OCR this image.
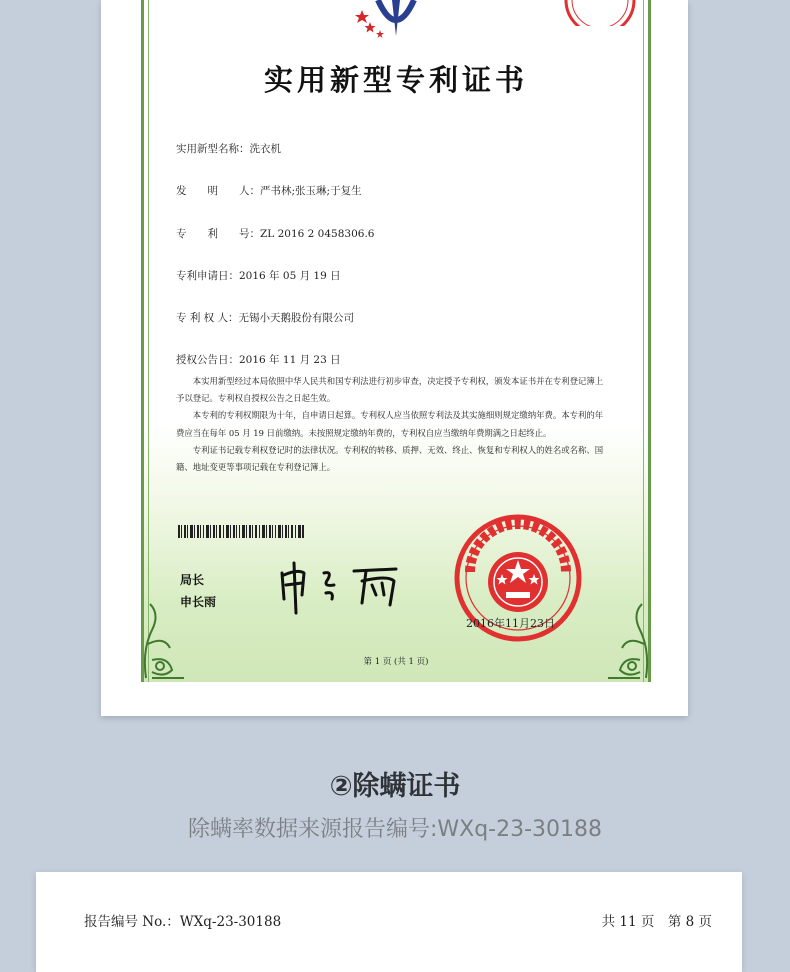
实用新型专利证书
实用新型名称：洗衣机
发　　明　　人：严书林;张玉琳;于复生
专　　利　　号：ZL 2016 2 0458306.6
专利申请日：2016 年 05 月 19 日
专 利 权 人：无锡小天鹅股份有限公司
授权公告日：2016 年 11 月 23 日

本实用新型经过本局依照中华人民共和国专利法进行初步审查，决定授予专利权，颁发本证书并在专利登记簿上予以登记。专利权自授权公告之日起生效。

本专利的专利权期限为十年，自申请日起算。专利权人应当依照专利法及其实施细则规定缴纳年费。本专利的年费应当在每年 05 月 19 日前缴纳。未按照规定缴纳年费的，专利权自应当缴纳年费期满之日起终止。

专利证书记载专利权登记时的法律状况。专利权的转移、质押、无效、终止、恢复和专利权人的姓名或名称、国籍、地址变更等事项记载在专利登记簿上。

局长
申长雨
2016年11月23日
第 1 页 (共 1 页)
②除螨证书
除螨率数据来源报告编号:WXq-23-30188
报告编号 No.：WXq-23-30188	共 11 页　第 8 页
